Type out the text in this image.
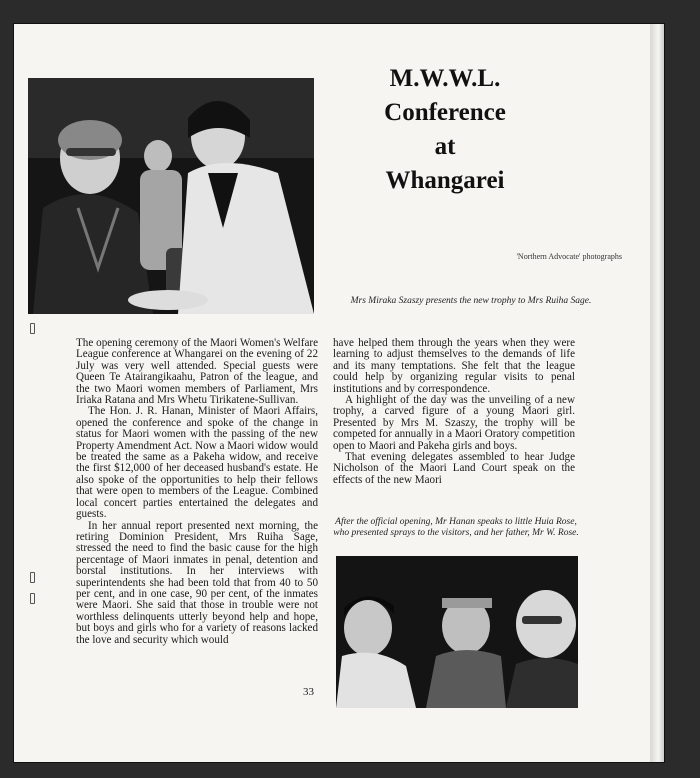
M.W.W.L.
Conference
at
Whangarei
'Northern Advocate' photographs
Mrs Miraka Szaszy presents the new trophy to Mrs Ruiha Sage.

The opening ceremony of the Maori Women's Welfare League conference at Whangarei on the evening of 22 July was very well attended. Special guests were Queen Te Atairangikaahu, Patron of the league, and the two Maori women members of Parliament, Mrs Iriaka Ratana and Mrs Whetu Tirikatene-Sullivan.

The Hon. J. R. Hanan, Minister of Maori Affairs, opened the conference and spoke of the change in status for Maori women with the passing of the new Property Amendment Act. Now a Maori widow would be treated the same as a Pakeha widow, and receive the first $12,000 of her deceased husband's estate. He also spoke of the opportunities to help their fellows that were open to members of the League. Combined local concert parties entertained the delegates and guests.

In her annual report presented next morning, the retiring Dominion President, Mrs Ruiha Sage, stressed the need to find the basic cause for the high percentage of Maori inmates in penal, detention and borstal institutions. In her interviews with superintendents she had been told that from 40 to 50 per cent, and in one case, 90 per cent, of the inmates were Maori. She said that those in trouble were not worthless delinquents utterly beyond help and hope, but boys and girls who for a variety of reasons lacked the love and security which would

have helped them through the years when they were learning to adjust themselves to the demands of life and its many temptations. She felt that the league could help by organizing regular visits to penal institutions and by correspondence.

A highlight of the day was the unveiling of a new trophy, a carved figure of a young Maori girl. Presented by Mrs M. Szaszy, the trophy will be competed for annually in a Maori Oratory competition open to Maori and Pakeha girls and boys.

That evening delegates assembled to hear Judge Nicholson of the Maori Land Court speak on the effects of the new Maori

After the official opening, Mr Hanan speaks to little Huia Rose, who presented sprays to the visitors, and her father, Mr W. Rose.
33
